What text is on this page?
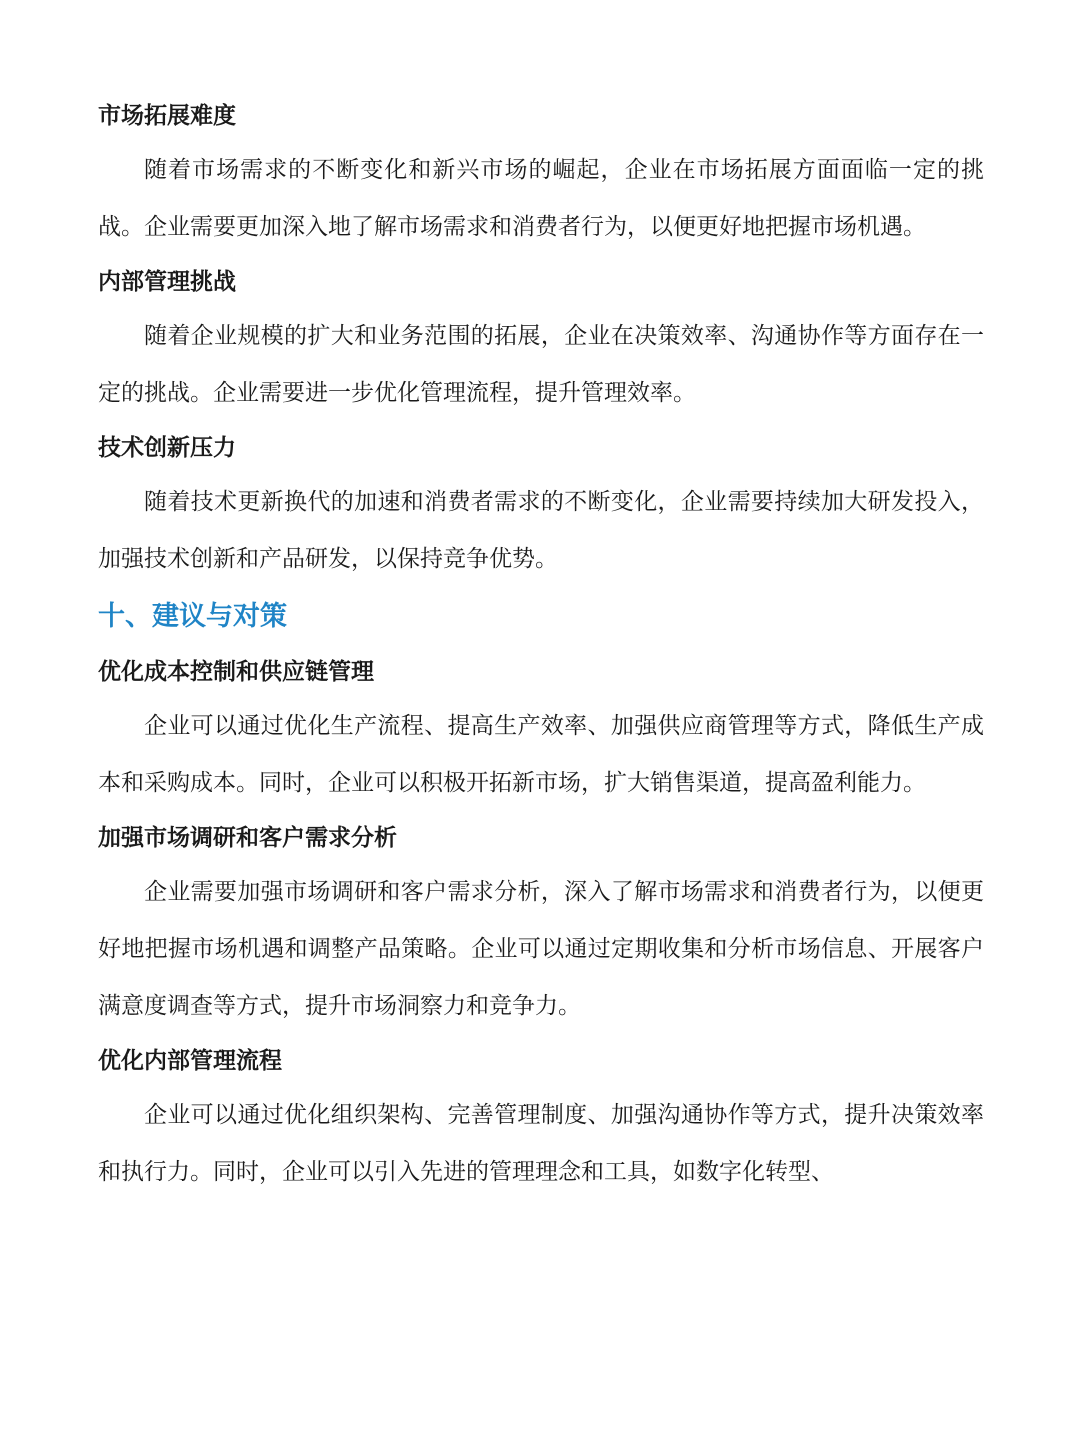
市场拓展难度

随着市场需求的不断变化和新兴市场的崛起，企业在市场拓展方面面临一定的挑战。企业需要更加深入地了解市场需求和消费者行为，以便更好地把握市场机遇。

内部管理挑战

随着企业规模的扩大和业务范围的拓展，企业在决策效率、沟通协作等方面存在一定的挑战。企业需要进一步优化管理流程，提升管理效率。

技术创新压力

随着技术更新换代的加速和消费者需求的不断变化，企业需要持续加大研发投入，加强技术创新和产品研发，以保持竞争优势。

十、建议与对策
优化成本控制和供应链管理

企业可以通过优化生产流程、提高生产效率、加强供应商管理等方式，降低生产成本和采购成本。同时，企业可以积极开拓新市场，扩大销售渠道，提高盈利能力。

加强市场调研和客户需求分析

企业需要加强市场调研和客户需求分析，深入了解市场需求和消费者行为，以便更好地把握市场机遇和调整产品策略。企业可以通过定期收集和分析市场信息、开展客户满意度调查等方式，提升市场洞察力和竞争力。

优化内部管理流程

企业可以通过优化组织架构、完善管理制度、加强沟通协作等方式，提升决策效率和执行力。同时，企业可以引入先进的管理理念和工具，如数字化转型、
